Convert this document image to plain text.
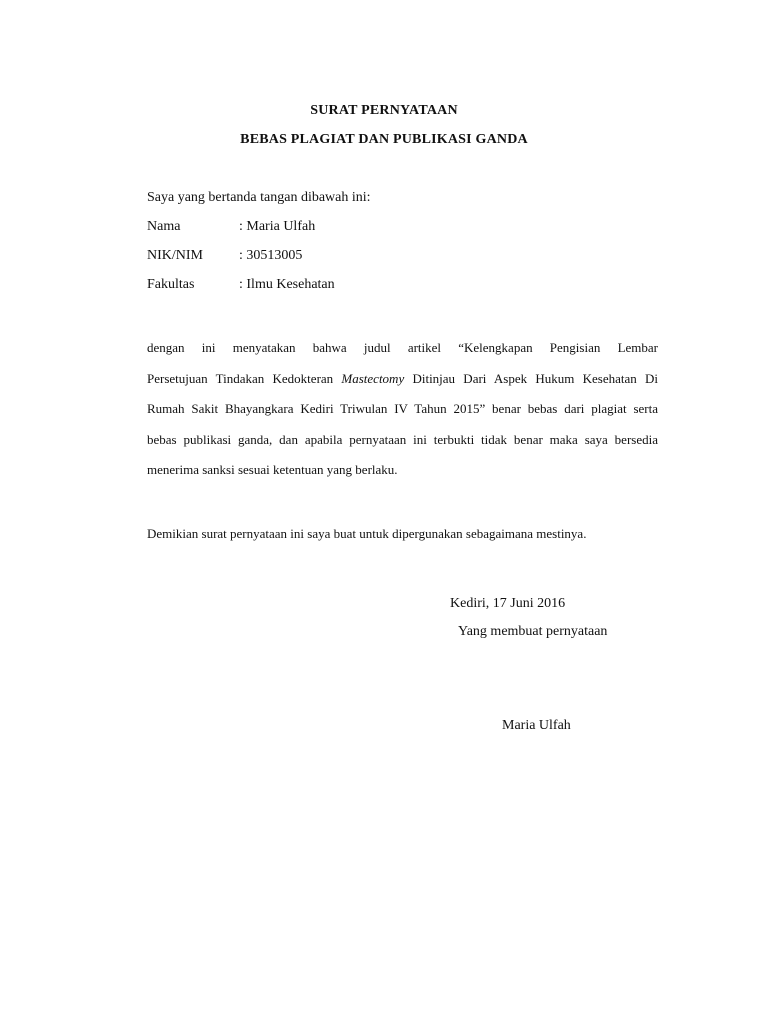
SURAT PERNYATAAN
BEBAS PLAGIAT DAN PUBLIKASI GANDA
Saya yang bertanda tangan dibawah ini:
Nama	: Maria Ulfah
NIK/NIM	: 30513005
Fakultas	: Ilmu Kesehatan
dengan ini menyatakan bahwa judul artikel “Kelengkapan Pengisian Lembar
Persetujuan Tindakan Kedokteran Mastectomy Ditinjau Dari Aspek Hukum Kesehatan Di
Rumah Sakit Bhayangkara Kediri Triwulan IV Tahun 2015” benar bebas dari plagiat serta
bebas publikasi ganda, dan apabila pernyataan ini terbukti tidak benar maka saya bersedia
menerima sanksi sesuai ketentuan yang berlaku.
Demikian surat pernyataan ini saya buat untuk dipergunakan sebagaimana mestinya.
Kediri, 17 Juni 2016
Yang membuat pernyataan
Maria Ulfah
